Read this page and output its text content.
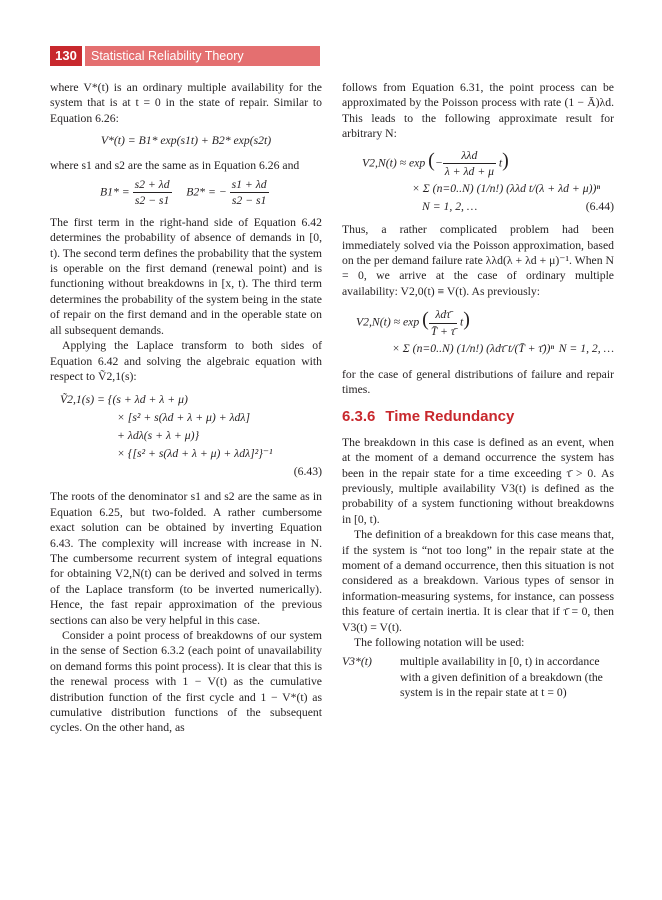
130	Statistical Reliability Theory

where V*(t) is an ordinary multiple availability for the system that is at t = 0 in the state of repair. Similar to Equation 6.26:

V*(t) = B1* exp(s1t) + B2* exp(s2t)

where s1 and s2 are the same as in Equation 6.26 and

$B1* = \frac{s2 + \lambda d}{s2 - s1} B2*$ = − $\frac{s1 + \lambda d}{s2 - s1}$

The first term in the right-hand side of Equation 6.42 determines the probability of absence of demands in [0, t). The second term defines the probability that the system is operable on the first demand (renewal point) and is functioning without breakdowns in [x, t). The third term determines the probability of the system being in the state of repair on the first demand and in the operable state on all subsequent demands.

Applying the Laplace transform to both sides of Equation 6.42 and solving the algebraic equation with respect to Ṽ2,1(s):

Ṽ2,1(s) = {(s + λd + λ + μ)
× [s² + s(λd + λ + μ) + λdλ]
+ λdλ(s + λ + μ)}
× {[s² + s(λd + λ + μ) + λdλ]²}⁻¹
(6.43)

The roots of the denominator s1 and s2 are the same as in Equation 6.25, but two-folded. A rather cumbersome exact solution can be obtained by inverting Equation 6.43. The complexity will increase with increase in N. The cumbersome recurrent system of integral equations for obtaining V2,N(t) can be derived and solved in terms of the Laplace transform (to be inverted numerically). Hence, the fast repair approximation of the previous sections can also be very helpful in this case.

Consider a point process of breakdowns of our system in the sense of Section 6.3.2 (each point of unavailability on demand forms this point process). It is clear that this is the renewal process with 1 − V(t) as the cumulative distribution function of the first cycle and 1 − V*(t) as cumulative distribution functions of the subsequent cycles. On the other hand, as

follows from Equation 6.31, the point process can be approximated by the Poisson process with rate (1 − Ā)λd. This leads to the following approximate result for arbitrary N:

V2,N(t) ≈ exp (− $\frac{\text{λλd}}{\lambda + \lambda d + \mu} t$)
× Σ (n=0..N) (1/n!) (λλd t/(λ + λd + μ))ⁿ
N = 1, 2, …	(6.44)

Thus, a rather complicated problem had been immediately solved via the Poisson approximation, based on the per demand failure rate λλd(λ + λd + μ)⁻¹. When N = 0, we arrive at the case of ordinary multiple availability: V2,0(t) ≡ V(t). As previously:

V2,N(t) ≈ exp ( $\frac{\text{λdτ̄}}{T̄ + \taū} t$)
× Σ (n=0..N) (1/n!) (λdτ̄ t/(T̄ + τ̄))ⁿ N = 1, 2, …

for the case of general distributions of failure and repair times.

6.3.6 Time Redundancy

The breakdown in this case is defined as an event, when at the moment of a demand occurrence the system has been in the repair state for a time exceeding τ̄ > 0. As previously, multiple availability V3(t) is defined as the probability of a system functioning without breakdowns in [0, t).

The definition of a breakdown for this case means that, if the system is “not too long” in the repair state at the moment of a demand occurrence, then this situation is not considered as a breakdown. Various types of sensor in information-measuring systems, for instance, can possess this feature of certain inertia. It is clear that if τ̄ = 0, then V3(t) = V(t).

The following notation will be used:

V3*(t)	multiple availability in [0, t) in accordance with a given definition of a breakdown (the system is in the repair state at t = 0)
